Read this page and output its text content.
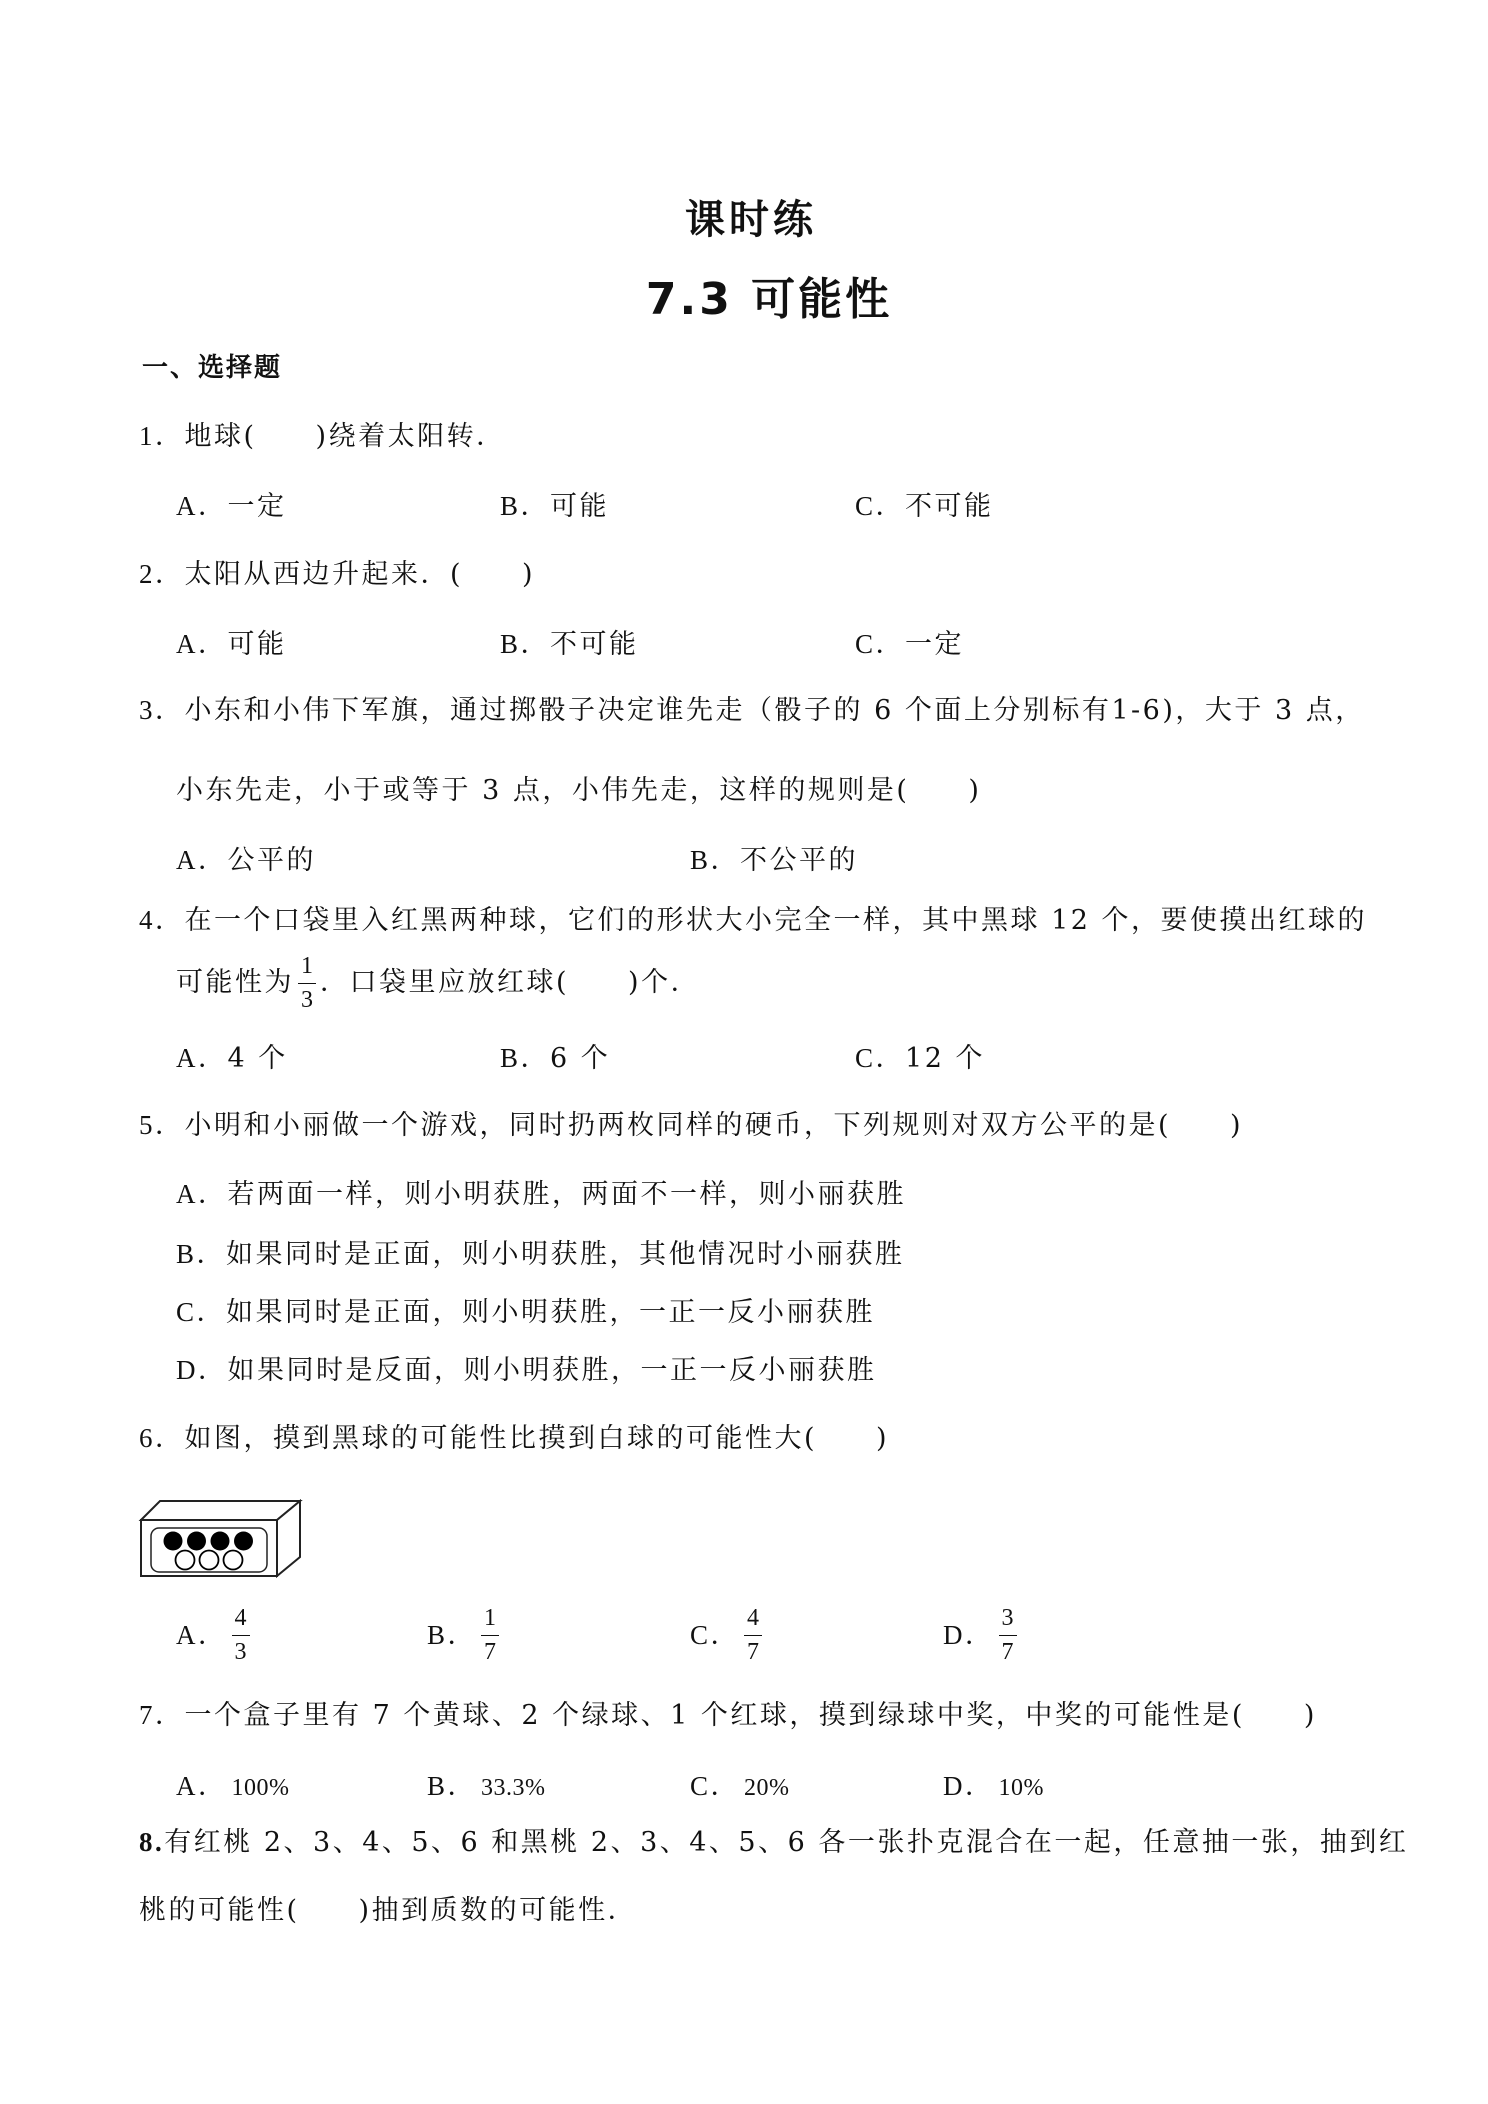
课时练
7.3 可能性
一、选择题
1．地球(　　)绕着太阳转．
A．一定	B．可能	C．不可能
2．太阳从西边升起来．(　　)
A．可能	B．不可能	C．一定
3．小东和小伟下军旗，通过掷骰子决定谁先走（骰子的 6 个面上分别标有1-6)，大于 3 点，
小东先走，小于或等于 3 点，小伟先走，这样的规则是(　　)
A．公平的	B．不公平的
4．在一个口袋里入红黑两种球，它们的形状大小完全一样，其中黑球 12 个，要使摸出红球的
可能性为 $\frac{1}{3}$ ．口袋里应放红球(　　)个．
A．4 个	B．6 个	C．12 个
5．小明和小丽做一个游戏，同时扔两枚同样的硬币，下列规则对双方公平的是(　　)
A．若两面一样，则小明获胜，两面不一样，则小丽获胜
B．如果同时是正面，则小明获胜，其他情况时小丽获胜
C．如果同时是正面，则小明获胜，一正一反小丽获胜
D．如果同时是反面，则小明获胜，一正一反小丽获胜
6．如图，摸到黑球的可能性比摸到白球的可能性大(　　)
A． $\frac{4}{3}$	B． $\frac{1}{7}$	C． $\frac{4}{7}$	D． $\frac{3}{7}$
7．一个盒子里有 7 个黄球、2 个绿球、1 个红球，摸到绿球中奖，中奖的可能性是(　　)
A． 100%	B． 33.3%	C． 20%	D． 10%
8.有红桃 2、3、4、5、6 和黑桃 2、3、4、5、6 各一张扑克混合在一起，任意抽一张，抽到红
桃的可能性(　　)抽到质数的可能性．
